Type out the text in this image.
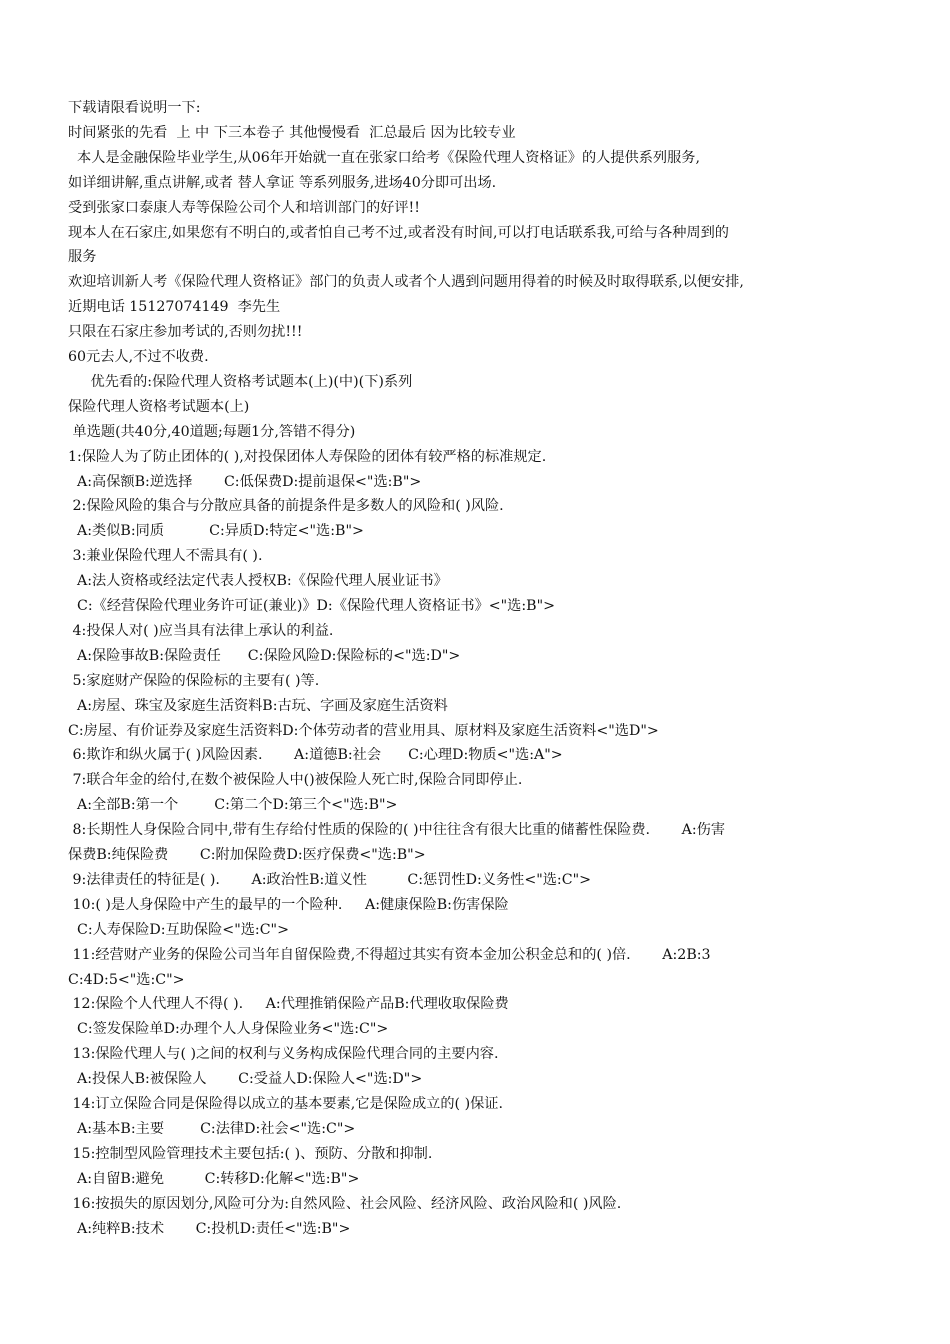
下载请限看说明一下:

时间紧张的先看  上 中 下三本卷子 其他慢慢看  汇总最后 因为比较专业

本人是金融保险毕业学生,从06年开始就一直在张家口给考《保险代理人资格证》的人提供系列服务,

如详细讲解,重点讲解,或者 替人拿证 等系列服务,进场40分即可出场.

受到张家口泰康人寿等保险公司个人和培训部门的好评!!

现本人在石家庄,如果您有不明白的,或者怕自己考不过,或者没有时间,可以打电话联系我,可给与各种周到的

服务

欢迎培训新人考《保险代理人资格证》部门的负责人或者个人遇到问题用得着的时候及时取得联系,以便安排,

近期电话 15127074149  李先生

只限在石家庄参加考试的,否则勿扰!!!

60元去人,不过不收费.

优先看的:保险代理人资格考试题本(上)(中)(下)系列

保险代理人资格考试题本(上)

单选题(共40分,40道题;每题1分,答错不得分)

1:保险人为了防止团体的( ),对投保团体人寿保险的团体有较严格的标准规定.

A:高保额B:逆选择       C:低保费D:提前退保<"选:B">

2:保险风险的集合与分散应具备的前提条件是多数人的风险和( )风险.

A:类似B:同质          C:异质D:特定<"选:B">

3:兼业保险代理人不需具有( ).

A:法人资格或经法定代表人授权B:《保险代理人展业证书》

C:《经营保险代理业务许可证(兼业)》D:《保险代理人资格证书》<"选:B">

4:投保人对( )应当具有法律上承认的利益.

A:保险事故B:保险责任      C:保险风险D:保险标的<"选:D">

5:家庭财产保险的保险标的主要有( )等.

A:房屋、珠宝及家庭生活资料B:古玩、字画及家庭生活资料

C:房屋、有价证券及家庭生活资料D:个体劳动者的营业用具、原材料及家庭生活资料<"选D">

6:欺诈和纵火属于( )风险因素.       A:道德B:社会      C:心理D:物质<"选:A">

7:联合年金的给付,在数个被保险人中()被保险人死亡时,保险合同即停止.

A:全部B:第一个        C:第二个D:第三个<"选:B">

8:长期性人身保险合同中,带有生存给付性质的保险的( )中往往含有很大比重的储蓄性保险费.       A:伤害

保费B:纯保险费       C:附加保险费D:医疗保费<"选:B">

9:法律责任的特征是( ).       A:政治性B:道义性         C:惩罚性D:义务性<"选:C">

10:( )是人身保险中产生的最早的一个险种.     A:健康保险B:伤害保险

C:人寿保险D:互助保险<"选:C">

11:经营财产业务的保险公司当年自留保险费,不得超过其实有资本金加公积金总和的( )倍.       A:2B:3

C:4D:5<"选:C">

12:保险个人代理人不得( ).     A:代理推销保险产品B:代理收取保险费

C:签发保险单D:办理个人人身保险业务<"选:C">

13:保险代理人与( )之间的权利与义务构成保险代理合同的主要内容.

A:投保人B:被保险人       C:受益人D:保险人<"选:D">

14:订立保险合同是保险得以成立的基本要素,它是保险成立的( )保证.

A:基本B:主要        C:法律D:社会<"选:C">

15:控制型风险管理技术主要包括:( )、预防、分散和抑制.

A:自留B:避免         C:转移D:化解<"选:B">

16:按损失的原因划分,风险可分为:自然风险、社会风险、经济风险、政治风险和( )风险.

A:纯粹B:技术       C:投机D:责任<"选:B">
